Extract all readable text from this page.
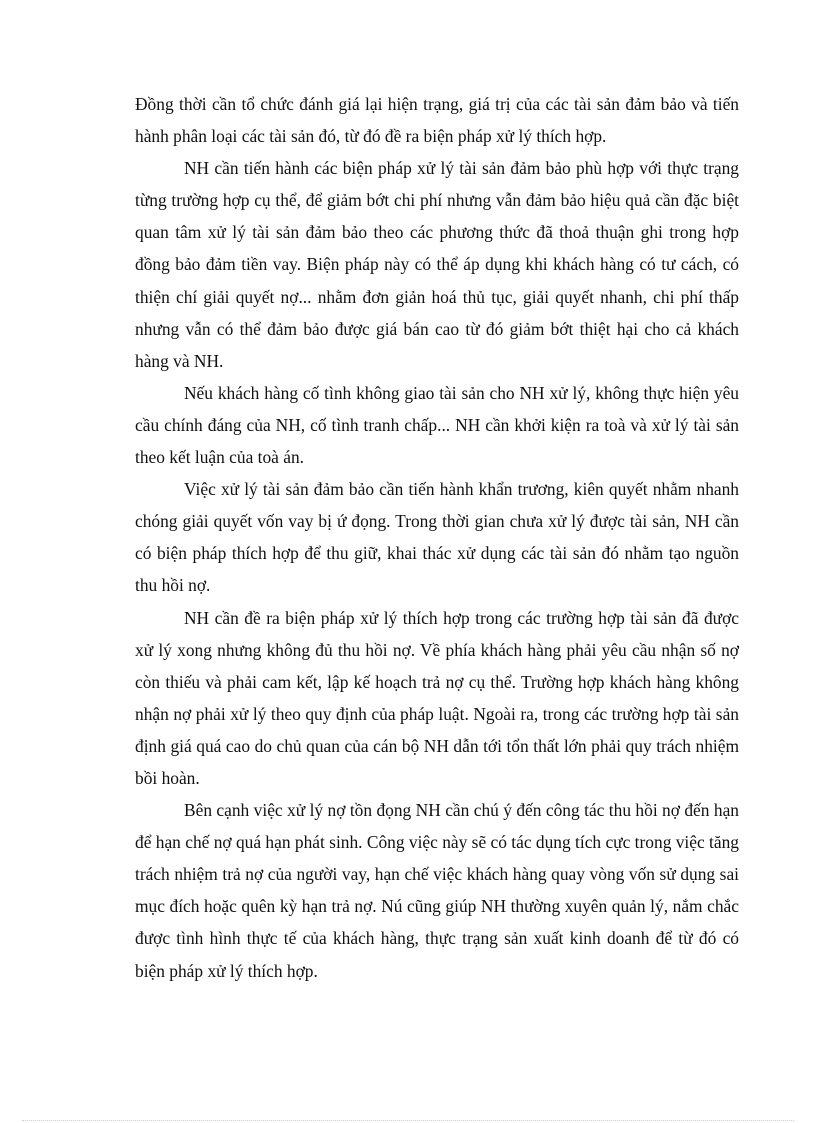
Đồng thời cần tổ chức đánh giá lại hiện trạng, giá trị của các tài sản đảm bảo và tiến hành phân loại các tài sản đó, từ đó đề ra biện pháp xử lý thích hợp.

NH cần tiến hành các biện pháp xử lý tài sản đảm bảo phù hợp với thực trạng từng trường hợp cụ thể, để giảm bớt chi phí nhưng vẫn đảm bảo hiệu quả cần đặc biệt quan tâm xử lý tài sản đảm bảo theo các phương thức đã thoả thuận ghi trong hợp đồng bảo đảm tiền vay. Biện pháp này có thể áp dụng khi khách hàng có tư cách, có thiện chí giải quyết nợ... nhằm đơn giản hoá thủ tục, giải quyết nhanh, chi phí thấp nhưng vẫn có thể đảm bảo được giá bán cao từ đó giảm bớt thiệt hại cho cả khách hàng và NH.

Nếu khách hàng cố tình không giao tài sản cho NH xử lý, không thực hiện yêu cầu chính đáng của NH, cố tình tranh chấp... NH cần khởi kiện ra toà và xử lý tài sản theo kết luận của toà án.

Việc xử lý tài sản đảm bảo cần tiến hành khẩn trương, kiên quyết nhằm nhanh chóng giải quyết vốn vay bị ứ đọng. Trong thời gian chưa xử lý được tài sản, NH cần có biện pháp thích hợp để thu giữ, khai thác xử dụng các tài sản đó nhằm tạo nguồn thu hồi nợ.

NH cần đề ra biện pháp xử lý thích hợp trong các trường hợp tài sản đã được xử lý xong nhưng không đủ thu hồi nợ. Về phía khách hàng phải yêu cầu nhận số nợ còn thiếu và phải cam kết, lập kế hoạch trả nợ cụ thể. Trường hợp khách hàng không nhận nợ phải xử lý theo quy định của pháp luật. Ngoài ra, trong các trường hợp tài sản định giá quá cao do chủ quan của cán bộ NH dẫn tới tổn thất lớn phải quy trách nhiệm bồi hoàn.

Bên cạnh việc xử lý nợ tồn đọng NH cần chú ý đến công tác thu hồi nợ đến hạn để hạn chế nợ quá hạn phát sinh. Công việc này sẽ có tác dụng tích cực trong việc tăng trách nhiệm trả nợ của người vay, hạn chế việc khách hàng quay vòng vốn sử dụng sai mục đích hoặc quên kỳ hạn trả nợ. Nú cũng giúp NH thường xuyên quản lý, nắm chắc được tình hình thực tế của khách hàng, thực trạng sản xuất kinh doanh để từ đó có biện pháp xử lý thích hợp.
